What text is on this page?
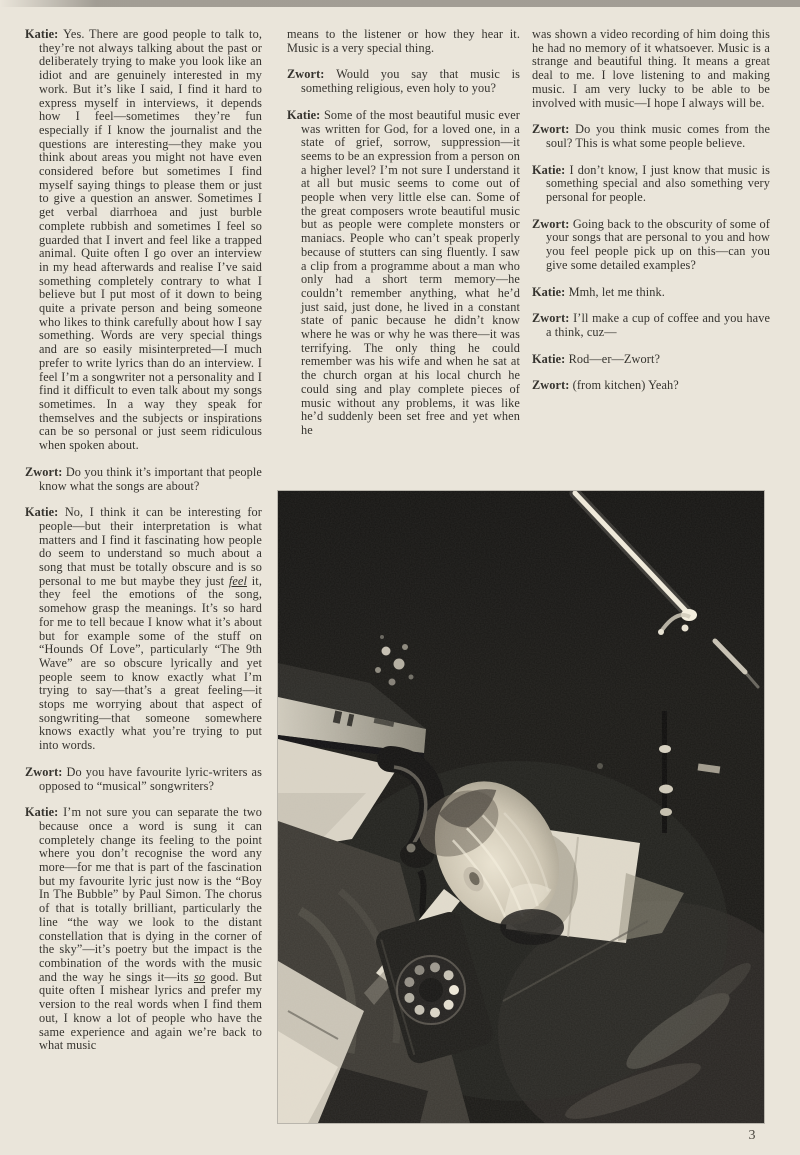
Katie: Yes. There are good people to talk to, they’re not always talking about the past or deliberately trying to make you look like an idiot and are genuinely interested in my work. But it’s like I said, I find it hard to express myself in interviews, it depends how I feel—sometimes they’re fun especially if I know the journalist and the questions are interesting—they make you think about areas you might not have even considered before but sometimes I find myself saying things to please them or just to give a question an answer. Sometimes I get verbal diarrhoea and just burble complete rubbish and sometimes I feel so guarded that I invert and feel like a trapped animal. Quite often I go over an interview in my head afterwards and realise I’ve said something completely contrary to what I believe but I put most of it down to being quite a private person and being someone who likes to think carefully about how I say something. Words are very special things and are so easily misinterpreted—I much prefer to write lyrics than do an interview. I feel I’m a songwriter not a personality and I find it difficult to even talk about my songs sometimes. In a way they speak for themselves and the subjects or inspirations can be so personal or just seem ridiculous when spoken about.

Zwort: Do you think it’s important that people know what the songs are about?

Katie: No, I think it can be interesting for people—but their interpretation is what matters and I find it fascinating how people do seem to understand so much about a song that must be totally obscure and is so personal to me but maybe they just feel it, they feel the emotions of the song, somehow grasp the meanings. It’s so hard for me to tell becaue I know what it’s about but for example some of the stuff on “Hounds Of Love”, particularly “The 9th Wave” are so obscure lyrically and yet people seem to know exactly what I’m trying to say—that’s a great feeling—it stops me worrying about that aspect of songwriting—that someone somewhere knows exactly what you’re trying to put into words.

Zwort: Do you have favourite lyric-writers as opposed to “musical” songwriters?

Katie: I’m not sure you can separate the two because once a word is sung it can completely change its feeling to the point where you don’t recognise the word any more—for me that is part of the fascination but my favourite lyric just now is the “Boy In The Bubble” by Paul Simon. The chorus of that is totally brilliant, particularly the line “the way we look to the distant constellation that is dying in the corner of the sky”—it’s poetry but the impact is the combination of the words with the music and the way he sings it—its so good. But quite often I mishear lyrics and prefer my version to the real words when I find them out, I know a lot of people who have the same experience and again we’re back to what music

means to the listener or how they hear it. Music is a very special thing.

Zwort: Would you say that music is something religious, even holy to you?

Katie: Some of the most beautiful music ever was written for God, for a loved one, in a state of grief, sorrow, suppression—it seems to be an expression from a person on a higher level? I’m not sure I understand it at all but music seems to come out of people when very little else can. Some of the great composers wrote beautiful music but as people were complete monsters or maniacs. People who can’t speak properly because of stutters can sing fluently. I saw a clip from a programme about a man who only had a short term memory—he couldn’t remember anything, what he’d just said, just done, he lived in a constant state of panic because he didn’t know where he was or why he was there—it was terrifying. The only thing he could remember was his wife and when he sat at the church organ at his local church he could sing and play complete pieces of music without any problems, it was like he’d suddenly been set free and yet when he

was shown a video recording of him doing this he had no memory of it whatsoever. Music is a strange and beautiful thing. It means a great deal to me. I love listening to and making music. I am very lucky to be able to be involved with music—I hope I always will be.

Zwort: Do you think music comes from the soul? This is what some people believe.

Katie: I don’t know, I just know that music is something special and also something very personal for people.

Zwort: Going back to the obscurity of some of your songs that are personal to you and how you feel people pick up on this—can you give some detailed examples?

Katie: Mmh, let me think.

Zwort: I’ll make a cup of coffee and you have a think, cuz—

Katie: Rod—er—Zwort?

Zwort: (from kitchen) Yeah?

3
